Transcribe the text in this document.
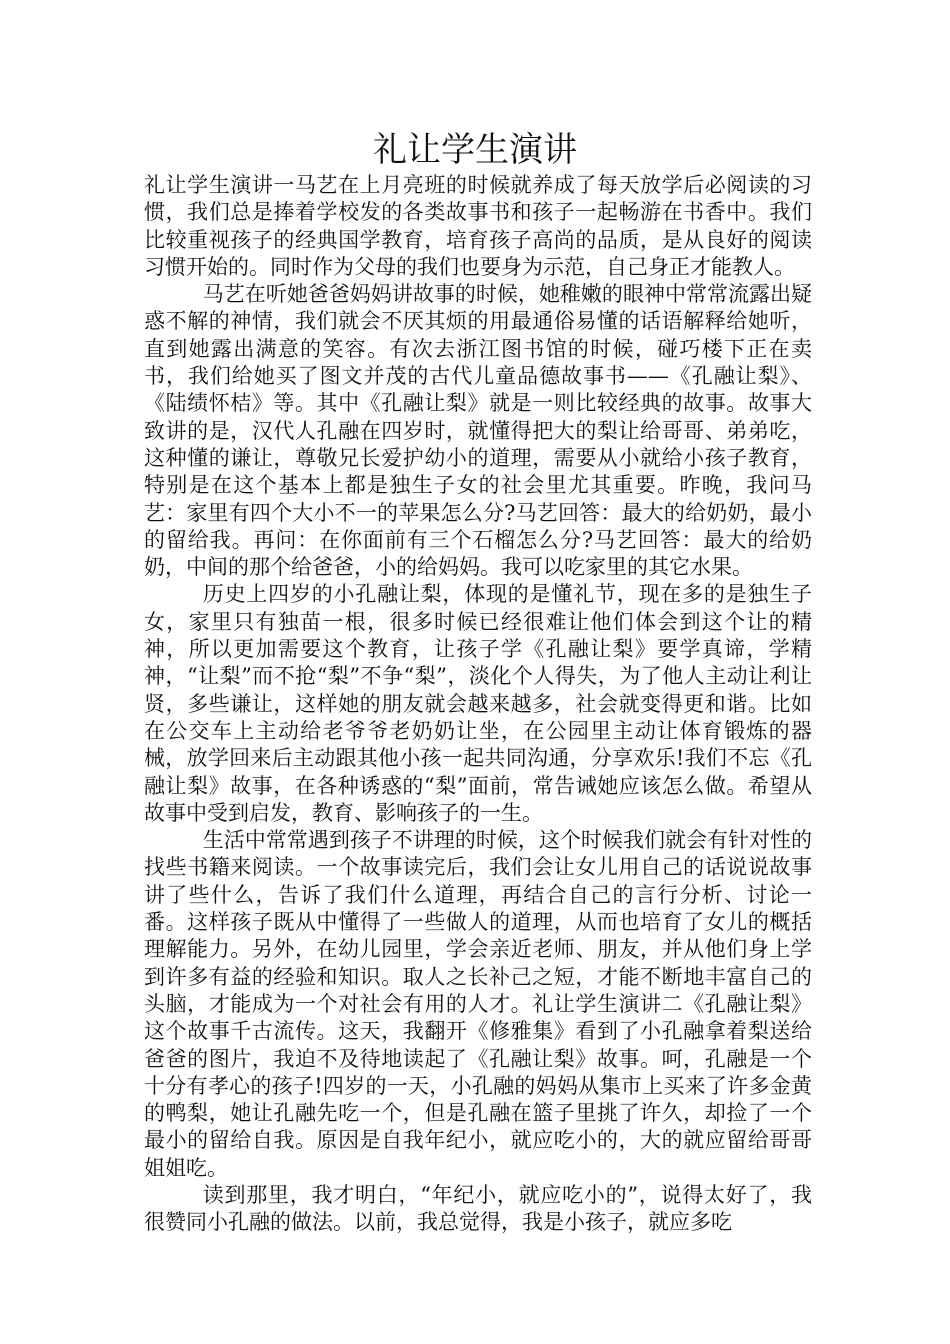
礼让学生演讲

礼让学生演讲一马艺在上月亮班的时候就养成了每天放学后必阅读的习惯，我们总是捧着学校发的各类故事书和孩子一起畅游在书香中。我们比较重视孩子的经典国学教育，培育孩子高尚的品质，是从良好的阅读习惯开始的。同时作为父母的我们也要身为示范，自己身正才能教人。

马艺在听她爸爸妈妈讲故事的时候，她稚嫩的眼神中常常流露出疑惑不解的神情，我们就会不厌其烦的用最通俗易懂的话语解释给她听，直到她露出满意的笑容。有次去浙江图书馆的时候，碰巧楼下正在卖书，我们给她买了图文并茂的古代儿童品德故事书——《孔融让梨》、《陆绩怀桔》等。其中《孔融让梨》就是一则比较经典的故事。故事大致讲的是，汉代人孔融在四岁时，就懂得把大的梨让给哥哥、弟弟吃，这种懂的谦让，尊敬兄长爱护幼小的道理，需要从小就给小孩子教育，特别是在这个基本上都是独生子女的社会里尤其重要。昨晚，我问马艺：家里有四个大小不一的苹果怎么分?马艺回答：最大的给奶奶，最小的留给我。再问：在你面前有三个石榴怎么分?马艺回答：最大的给奶奶，中间的那个给爸爸，小的给妈妈。我可以吃家里的其它水果。

历史上四岁的小孔融让梨，体现的是懂礼节，现在多的是独生子女，家里只有独苗一根，很多时候已经很难让他们体会到这个让的精神，所以更加需要这个教育，让孩子学《孔融让梨》要学真谛，学精神，“让梨”而不抢“梨”不争“梨”，淡化个人得失，为了他人主动让利让贤，多些谦让，这样她的朋友就会越来越多，社会就变得更和谐。比如在公交车上主动给老爷爷老奶奶让坐，在公园里主动让体育锻炼的器械，放学回来后主动跟其他小孩一起共同沟通，分享欢乐!我们不忘《孔融让梨》故事，在各种诱惑的“梨”面前，常告诫她应该怎么做。希望从故事中受到启发，教育、影响孩子的一生。

生活中常常遇到孩子不讲理的时候，这个时候我们就会有针对性的找些书籍来阅读。一个故事读完后，我们会让女儿用自己的话说说故事讲了些什么，告诉了我们什么道理，再结合自己的言行分析、讨论一番。这样孩子既从中懂得了一些做人的道理，从而也培育了女儿的概括理解能力。另外，在幼儿园里，学会亲近老师、朋友，并从他们身上学到许多有益的经验和知识。取人之长补己之短，才能不断地丰富自己的头脑，才能成为一个对社会有用的人才。礼让学生演讲二《孔融让梨》这个故事千古流传。这天，我翻开《修雅集》看到了小孔融拿着梨送给爸爸的图片，我迫不及待地读起了《孔融让梨》故事。呵，孔融是一个十分有孝心的孩子!四岁的一天，小孔融的妈妈从集市上买来了许多金黄的鸭梨，她让孔融先吃一个，但是孔融在篮子里挑了许久，却捡了一个最小的留给自我。原因是自我年纪小，就应吃小的，大的就应留给哥哥姐姐吃。

读到那里，我才明白，“年纪小，就应吃小的”，说得太好了，我很赞同小孔融的做法。以前，我总觉得，我是小孩子，就应多吃
